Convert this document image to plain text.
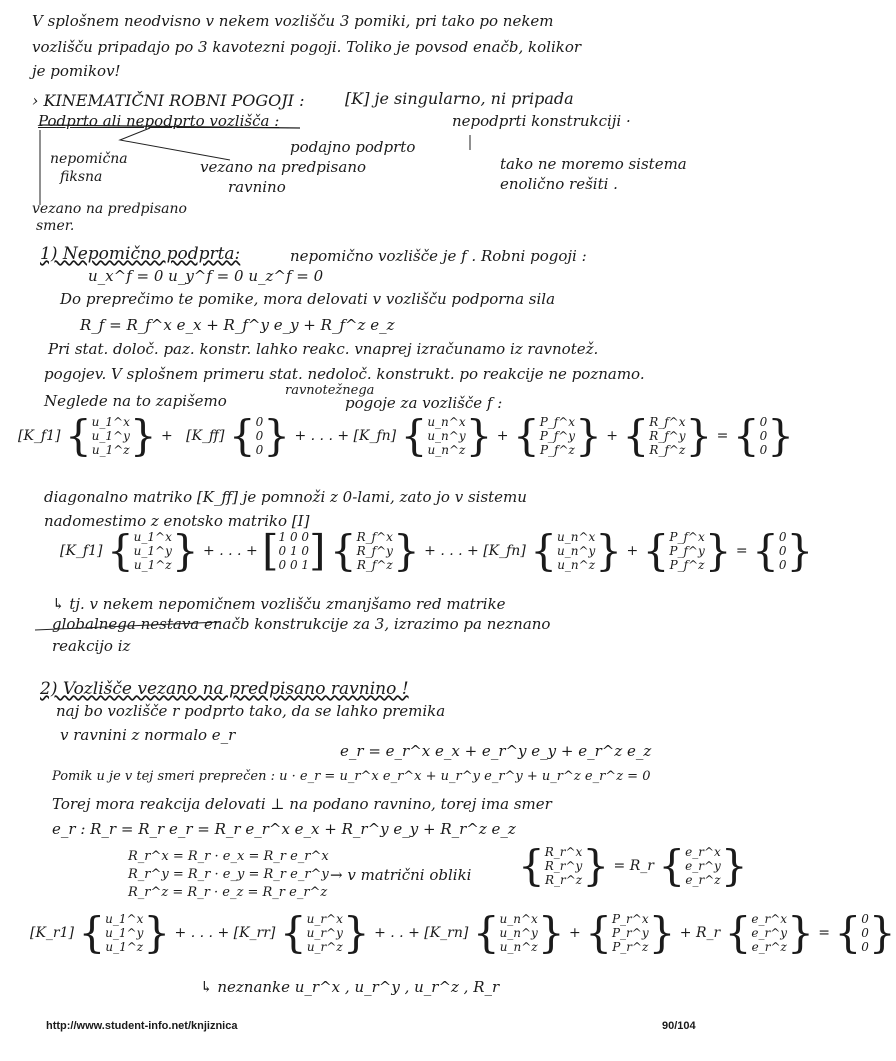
V splošnem neodvisno v nekem vozlišču 3 pomiki, pri tako po nekem
vozlišču pripadajo po 3 kavotezni pogoji. Toliko je povsod enačb, kolikor
je pomikov!
› KINEMATIČNI ROBNI POGOJI :	[K] je singularno, ni pripada
nepodprti konstrukciji ·
Podprto ali nepodprto vozlišča :
podajno podprto
nepomična
fiksna
vezano na predpisano
ravnino
tako ne moremo sistema
enolično rešiti .
vezano na predpisano
smer.
1) Nepomično podprta:	nepomično vozlišče je f . Robni pogoji :
u_x^f = 0 u_y^f = 0 u_z^f = 0
Do preprečimo te pomike, mora delovati v vozlišču podporna sila
R_f = R_f^x e_x + R_f^y e_y + R_f^z e_z
Pri stat. določ. paz. konstr. lahko reakc. vnaprej izračunamo iz ravnotež.
pogojev. V splošnem primeru stat. nedoloč. konstrukt. po reakcije ne poznamo.
Neglede na to zapišemo
ravnotežnega
pogoje za vozlišče f :
[K_f1] { u_1^x
u_1^y
u_1^z } +   [K_ff] { 0
0
0 } + . . . + [K_fn] { u_n^x
u_n^y
u_n^z } + { P_f^x
P_f^y
P_f^z } + { R_f^x
R_f^y
R_f^z } = { 0
0
0 }
diagonalno matriko [K_ff] je pomnoži z 0-lami, zato jo v sistemu
nadomestimo z enotsko matriko [I]
[K_f1] { u_1^x
u_1^y
u_1^z } + . . . + [ 1 0 0
0 1 0
0 0 1 ] { R_f^x
R_f^y
R_f^z } + . . . + [K_fn] { u_n^x
u_n^y
u_n^z } + { P_f^x
P_f^y
P_f^z } = { 0
0
0 }
↳ tj. v nekem nepomičnem vozlišču zmanjšamo red matrike
globalnega nestava enačb konstrukcije za 3, izrazimo pa neznano
reakcijo iz
2) Vozlišče vezano na predpisano ravnino !
naj bo vozlišče r podprto tako, da se lahko premika
v ravnini z normalo e_r
e_r = e_r^x e_x + e_r^y e_y + e_r^z e_z
Pomik u je v tej smeri preprečen : u · e_r = u_r^x e_r^x + u_r^y e_r^y + u_r^z e_r^z = 0
Torej mora reakcija delovati ⊥ na podano ravnino, torej ima smer
e_r : R_r = R_r e_r = R_r e_r^x e_x + R_r^y e_y + R_r^z e_z
R_r^x = R_r · e_x = R_r e_r^x
R_r^y = R_r · e_y = R_r e_r^y
R_r^z = R_r · e_z = R_r e_r^z
→ v matrični obliki { R_r^x
R_r^y
R_r^z } = R_r { e_r^x
e_r^y
e_r^z }
[K_r1] { u_1^x
u_1^y
u_1^z } + . . . + [K_rr] { u_r^x
u_r^y
u_r^z } + . . + [K_rn] { u_n^x
u_n^y
u_n^z } + { P_r^x
P_r^y
P_r^z } + R_r { e_r^x
e_r^y
e_r^z } = { 0
0
0 }
↳ neznanke u_r^x , u_r^y , u_r^z , R_r
http://www.student-info.net/knjiznica	90/104
